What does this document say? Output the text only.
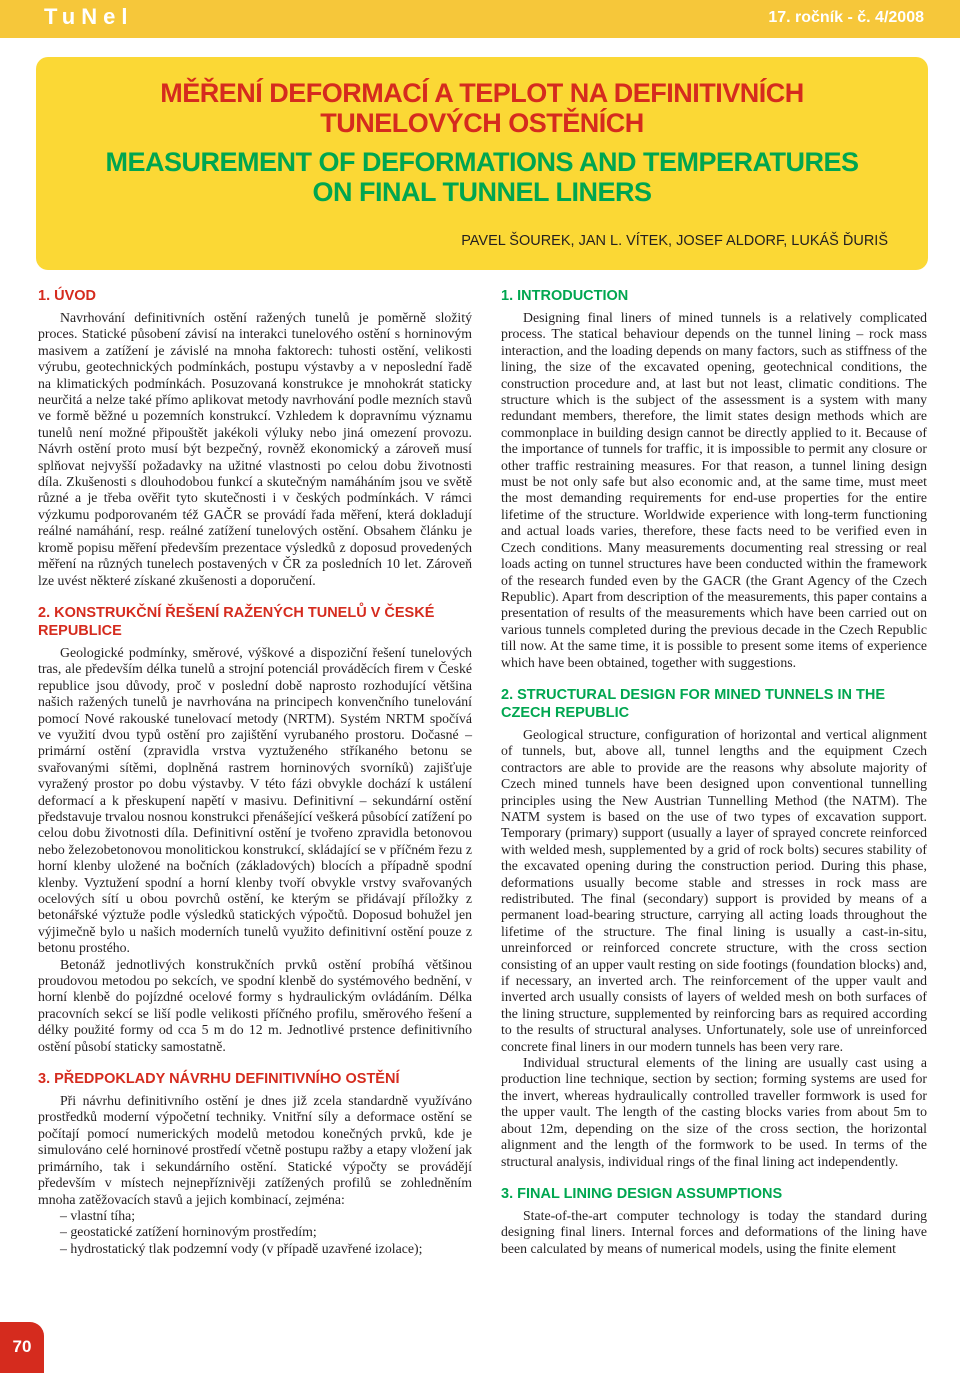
TuNel	17. ročník - č. 4/2008
MĚŘENÍ DEFORMACÍ A TEPLOT NA DEFINITIVNÍCH
TUNELOVÝCH OSTĚNÍCH
MEASUREMENT OF DEFORMATIONS AND TEMPERATURES
ON FINAL TUNNEL LINERS
PAVEL ŠOUREK, JAN L. VÍTEK, JOSEF ALDORF, LUKÁŠ ĎURIŠ
1. ÚVOD

Navrhování definitivních ostění ražených tunelů je poměrně složitý proces. Statické působení závisí na interakci tunelového ostění s horninovým masivem a zatížení je závislé na mnoha faktorech: tuhosti ostění, velikosti výrubu, geotechnických podmínkách, postupu výstavby a v neposlední řadě na klimatických podmínkách. Posuzovaná konstrukce je mnohokrát staticky neurčitá a nelze také přímo aplikovat metody navrhování podle mezních stavů ve formě běžné u pozemních konstrukcí. Vzhledem k dopravnímu významu tunelů není možné připouštět jakékoli výluky nebo jiná omezení provozu. Návrh ostění proto musí být bezpečný, rovněž ekonomický a zároveň musí splňovat nejvyšší požadavky na užitné vlastnosti po celou dobu životnosti díla. Zkušenosti s dlouhodobou funkcí a skutečným namáháním jsou ve světě různé a je třeba ověřit tyto skutečnosti i v českých podmínkách. V rámci výzkumu podporovaném též GAČR se provádí řada měření, která dokladují reálné namáhání, resp. reálné zatížení tunelových ostění. Obsahem článku je kromě popisu měření především prezentace výsledků z doposud provedených měření na různých tunelech postavených v ČR za posledních 10 let. Zároveň lze uvést některé získané zkušenosti a doporučení.

2. KONSTRUKČNÍ ŘEŠENÍ RAŽENÝCH TUNELŮ V ČESKÉ REPUBLICE

Geologické podmínky, směrové, výškové a dispoziční řešení tunelových tras, ale především délka tunelů a strojní potenciál prováděcích firem v České republice jsou důvody, proč v poslední době naprosto rozhodující většina našich ražených tunelů je navrhována na principech konvenčního tunelování pomocí Nové rakouské tunelovací metody (NRTM). Systém NRTM spočívá ve využití dvou typů ostění pro zajištění vyrubaného prostoru. Dočasné – primární ostění (zpravidla vrstva vyztuženého stříkaného betonu se svařovanými sítěmi, doplněná rastrem horninových svorníků) zajišťuje vyražený prostor po dobu výstavby. V této fázi obvykle dochází k ustálení deformací a k přeskupení napětí v masivu. Definitivní – sekundární ostění představuje trvalou nosnou konstrukci přenášející veškerá působící zatížení po celou dobu životnosti díla. Definitivní ostění je tvořeno zpravidla betonovou nebo železobetonovou monolitickou konstrukcí, skládající se v příčném řezu z horní klenby uložené na bočních (základových) blocích a případně spodní klenby. Vyztužení spodní a horní klenby tvoří obvykle vrstvy svařovaných ocelových sítí u obou povrchů ostění, ke kterým se přidávají příložky z betonářské výztuže podle výsledků statických výpočtů. Doposud bohužel jen výjimečně bylo u našich moderních tunelů využito definitivní ostění pouze z betonu prostého.

Betonáž jednotlivých konstrukčních prvků ostění probíhá většinou proudovou metodou po sekcích, ve spodní klenbě do systémového bednění, v horní klenbě do pojízdné ocelové formy s hydraulickým ovládáním. Délka pracovních sekcí se liší podle velikosti příčného profilu, směrového řešení a délky použité formy od cca 5 m do 12 m. Jednotlivé prstence definitivního ostění působí staticky samostatně.

3. PŘEDPOKLADY NÁVRHU DEFINITIVNÍHO OSTĚNÍ

Při návrhu definitivního ostění je dnes již zcela standardně využíváno prostředků moderní výpočetní techniky. Vnitřní síly a deformace ostění se počítají pomocí numerických modelů metodou konečných prvků, kde je simulováno celé horninové prostředí včetně postupu ražby a etapy vložení jak primárního, tak i sekundárního ostění. Statické výpočty se provádějí především v místech nejnepříznivěji zatížených profilů se zohledněním mnoha zatěžovacích stavů a jejich kombinací, zejména:

– vlastní tíha;
– geostatické zatížení horninovým prostředím;
– hydrostatický tlak podzemní vody (v případě uzavřené izolace);
1. INTRODUCTION

Designing final liners of mined tunnels is a relatively complicated process. The statical behaviour depends on the tunnel lining – rock mass interaction, and the loading depends on many factors, such as stiffness of the lining, the size of the excavated opening, geotechnical conditions, the construction procedure and, at last but not least, climatic conditions. The structure which is the subject of the assessment is a system with many redundant members, therefore, the limit states design methods which are commonplace in building design cannot be directly applied to it. Because of the importance of tunnels for traffic, it is impossible to permit any closure or other traffic restraining measures. For that reason, a tunnel lining design must be not only safe but also economic and, at the same time, must meet the most demanding requirements for end-use properties for the entire lifetime of the structure. Worldwide experience with long-term functioning and actual loads varies, therefore, these facts need to be verified even in Czech conditions. Many measurements documenting real stressing or real loads acting on tunnel structures have been conducted within the framework of the research funded even by the GACR (the Grant Agency of the Czech Republic). Apart from description of the measurements, this paper contains a presentation of results of the measurements which have been carried out on various tunnels completed during the previous decade in the Czech Republic till now. At the same time, it is possible to present some items of experience which have been obtained, together with suggestions.

2. STRUCTURAL DESIGN FOR MINED TUNNELS IN THE CZECH REPUBLIC

Geological structure, configuration of horizontal and vertical alignment of tunnels, but, above all, tunnel lengths and the equipment Czech contractors are able to provide are the reasons why absolute majority of Czech mined tunnels have been designed upon conventional tunnelling principles using the New Austrian Tunnelling Method (the NATM). The NATM system is based on the use of two types of excavation support. Temporary (primary) support (usually a layer of sprayed concrete reinforced with welded mesh, supplemented by a grid of rock bolts) secures stability of the excavated opening during the construction period. During this phase, deformations usually become stable and stresses in rock mass are redistributed. The final (secondary) support is provided by means of a permanent load-bearing structure, carrying all acting loads throughout the lifetime of the structure. The final lining is usually a cast-in-situ, unreinforced or reinforced concrete structure, with the cross section consisting of an upper vault resting on side footings (foundation blocks) and, if necessary, an inverted arch. The reinforcement of the upper vault and inverted arch usually consists of layers of welded mesh on both surfaces of the lining structure, supplemented by reinforcing bars as required according to the results of structural analyses. Unfortunately, sole use of unreinforced concrete final liners in our modern tunnels has been very rare.

Individual structural elements of the lining are usually cast using a production line technique, section by section; forming systems are used for the invert, whereas hydraulically controlled traveller formwork is used for the upper vault. The length of the casting blocks varies from about 5m to about 12m, depending on the size of the cross section, the horizontal alignment and the length of the formwork to be used. In terms of the structural analysis, individual rings of the final lining act independently.

3. FINAL LINING DESIGN ASSUMPTIONS

State-of-the-art computer technology is today the standard during designing final liners. Internal forces and deformations of the lining have been calculated by means of numerical models, using the finite element

70
